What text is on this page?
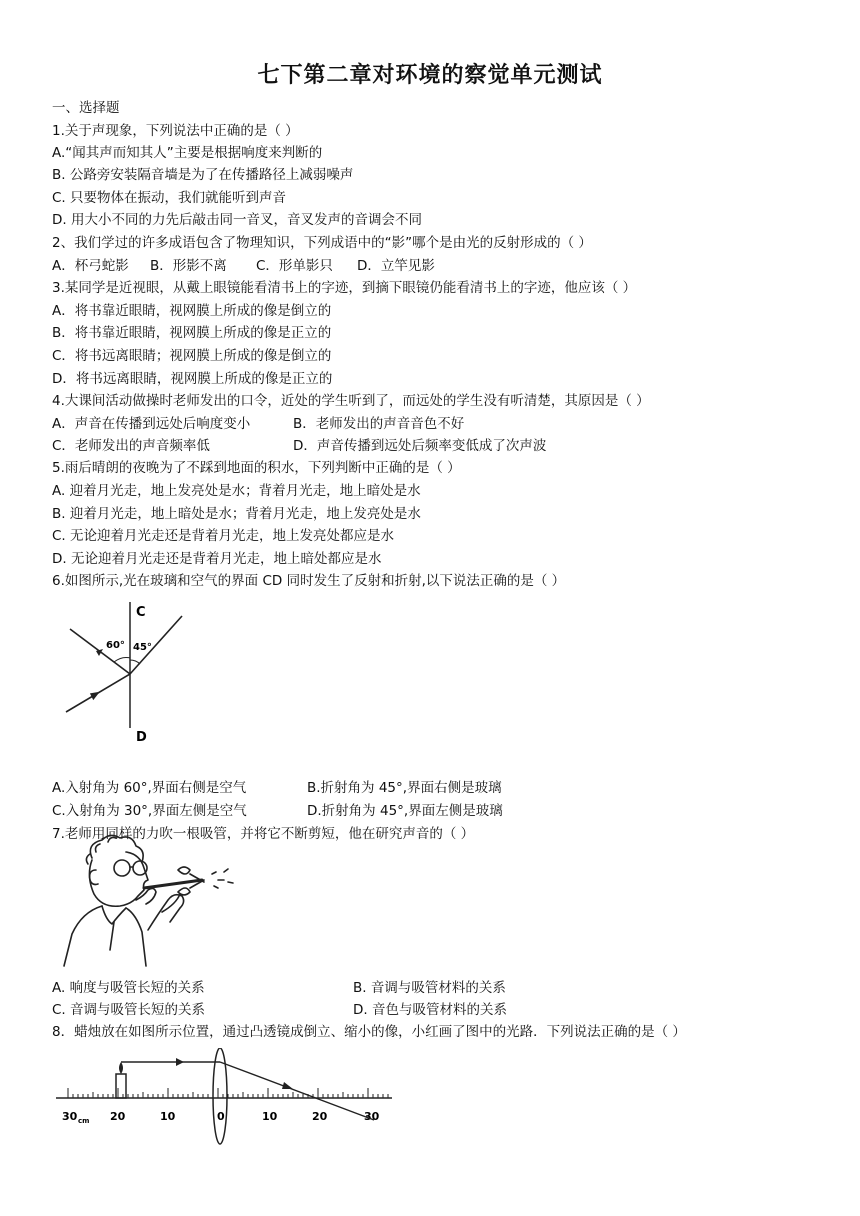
七下第二章对环境的察觉单元测试
一、选择题
1.关于声现象，下列说法中正确的是（ ）
A.“闻其声而知其人”主要是根据响度来判断的
B. 公路旁安装隔音墙是为了在传播路径上减弱噪声
C. 只要物体在振动，我们就能听到声音
D. 用大小不同的力先后敲击同一音叉，音叉发声的音调会不同
2、我们学过的许多成语包含了物理知识，下列成语中的“影”哪个是由光的反射形成的（ ）
A．杯弓蛇影 B．形影不离 C．形单影只 D．立竿见影
3.某同学是近视眼，从戴上眼镜能看清书上的字迹，到摘下眼镜仍能看清书上的字迹，他应该（ ）
A．将书靠近眼睛，视网膜上所成的像是倒立的
B．将书靠近眼睛，视网膜上所成的像是正立的
C．将书远离眼睛；视网膜上所成的像是倒立的
D．将书远离眼睛，视网膜上所成的像是正立的
4.大课间活动做操时老师发出的口令，近处的学生听到了，而远处的学生没有听清楚，其原因是（ ）
A．声音在传播到远处后响度变小	B．老师发出的声音音色不好
C．老师发出的声音频率低	D．声音传播到远处后频率变低成了次声波
5.雨后晴朗的夜晚为了不踩到地面的积水，下列判断中正确的是（ ）
A. 迎着月光走，地上发亮处是水；背着月光走，地上暗处是水
B. 迎着月光走，地上暗处是水；背着月光走，地上发亮处是水
C. 无论迎着月光走还是背着月光走，地上发亮处都应是水
D. 无论迎着月光走还是背着月光走，地上暗处都应是水
6.如图所示,光在玻璃和空气的界面 CD 同时发生了反射和折射,以下说法正确的是（ ）
C
D
60° 45°
A.入射角为 60°,界面右侧是空气	B.折射角为 45°,界面右侧是玻璃
C.入射角为 30°,界面左侧是空气	D.折射角为 45°,界面左侧是玻璃
7.老师用同样的力吹一根吸管，并将它不断剪短，他在研究声音的（ ）
A. 响度与吸管长短的关系	B. 音调与吸管材料的关系
C. 音调与吸管长短的关系	D. 音色与吸管材料的关系
8．蜡烛放在如图所示位置，通过凸透镜成倒立、缩小的像，小红画了图中的光路．下列说法正确的是（ ）
30 cm 20	10	0	10	20	30
